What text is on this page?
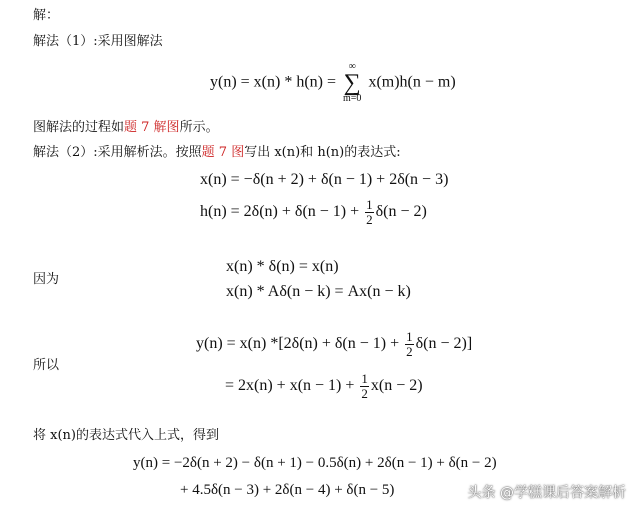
解：
解法（1）:采用图解法
y(n) = x(n) * h(n) =
∞
∑
m=0
x(m)h(n − m)
图解法的过程如题 7 解图所示。
解法（2）:采用解析法。按照题 7 图写出 x(n)和 h(n)的表达式:
x(n) = −δ(n + 2) + δ(n − 1) + 2δ(n − 3)
$h(n) = 2\delta(n) + \delta(n - 1) + \frac{1}{2} \delta(n - 2)$
因为
x(n) * δ(n) = x(n)
x(n) * Aδ(n − k) = Ax(n − k)
y(n) = x(n) $*[2\delta(n) + \delta(n - 1) + \frac{1}{2} \delta(n - 2)]$
所以
= $2x(n) + x(n - 1) + \frac{1}{2} x(n - 2)$
将 x(n)的表达式代入上式，得到
y(n) = −2δ(n + 2) − δ(n + 1) − 0.5δ(n) + 2δ(n − 1) + δ(n − 2)
+ 4.5δ(n − 3) + 2δ(n − 4) + δ(n − 5)	头条 @学糕课后答案解析
